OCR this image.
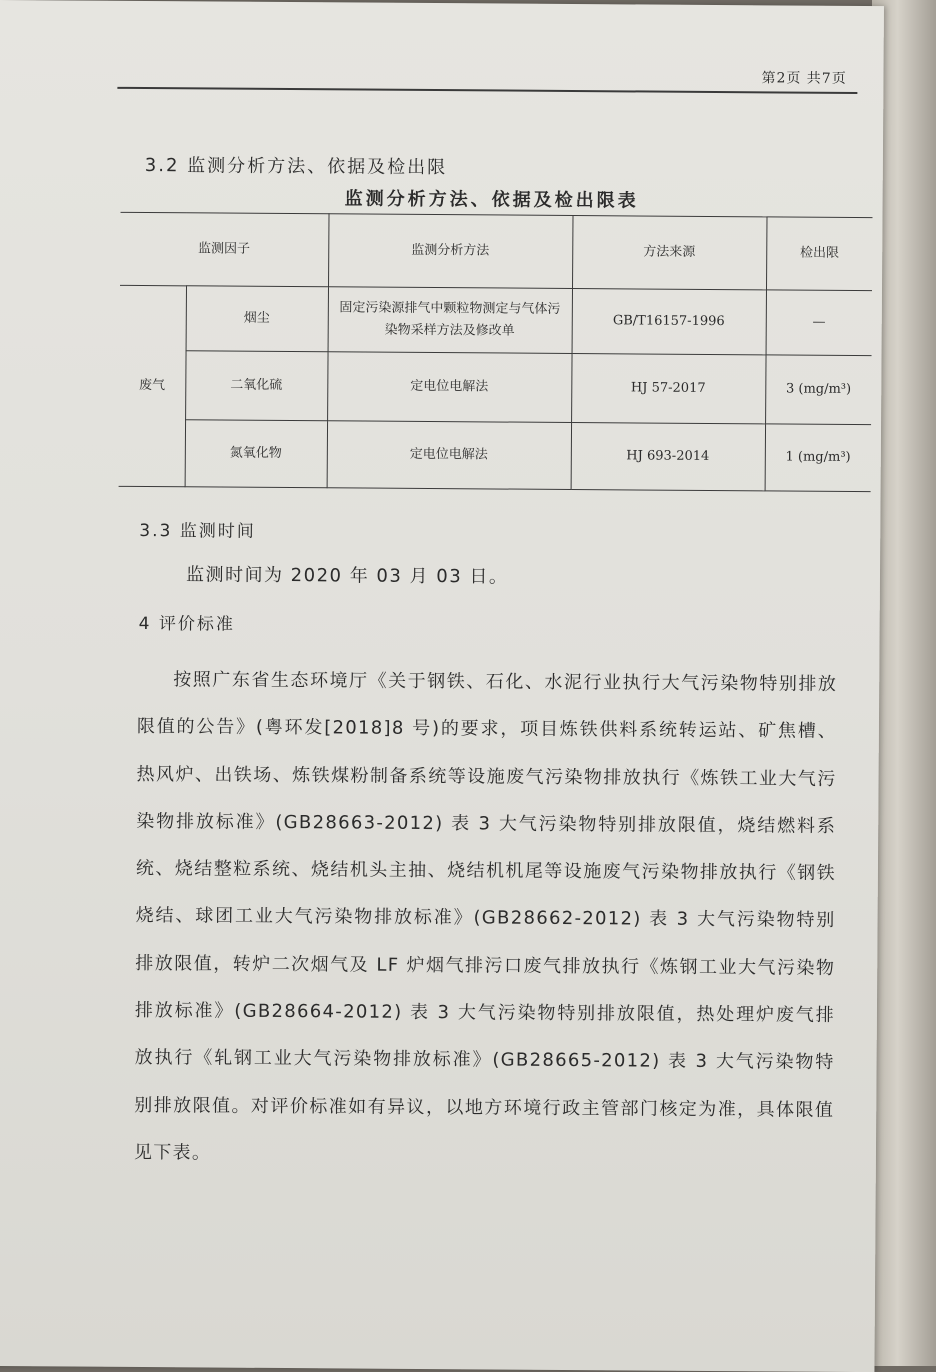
第2页 共7页
3.2 监测分析方法、依据及检出限
监测分析方法、依据及检出限表
监测因子		监测分析方法	方法来源	检出限
废气	烟尘	固定污染源排气中颗粒物测定与气体污染物采样方法及修改单	GB/T16157-1996	—
	二氧化硫	定电位电解法	HJ 57-2017	3 (mg/m³)
	氮氧化物	定电位电解法	HJ 693-2014	1 (mg/m³)
3.3 监测时间
监测时间为 2020 年 03 月 03 日。
4 评价标准
按照广东省生态环境厅《关于钢铁、石化、水泥行业执行大气污染物特别排放限值的公告》(粤环发[2018]8 号)的要求，项目炼铁供料系统转运站、矿焦槽、热风炉、出铁场、炼铁煤粉制备系统等设施废气污染物排放执行《炼铁工业大气污染物排放标准》(GB28663-2012) 表 3 大气污染物特别排放限值，烧结燃料系统、烧结整粒系统、烧结机头主抽、烧结机机尾等设施废气污染物排放执行《钢铁烧结、球团工业大气污染物排放标准》(GB28662-2012) 表 3 大气污染物特别排放限值，转炉二次烟气及 LF 炉烟气排污口废气排放执行《炼钢工业大气污染物排放标准》(GB28664-2012) 表 3 大气污染物特别排放限值，热处理炉废气排放执行《轧钢工业大气污染物排放标准》(GB28665-2012) 表 3 大气污染物特别排放限值。对评价标准如有异议，以地方环境行政主管部门核定为准，具体限值见下表。
